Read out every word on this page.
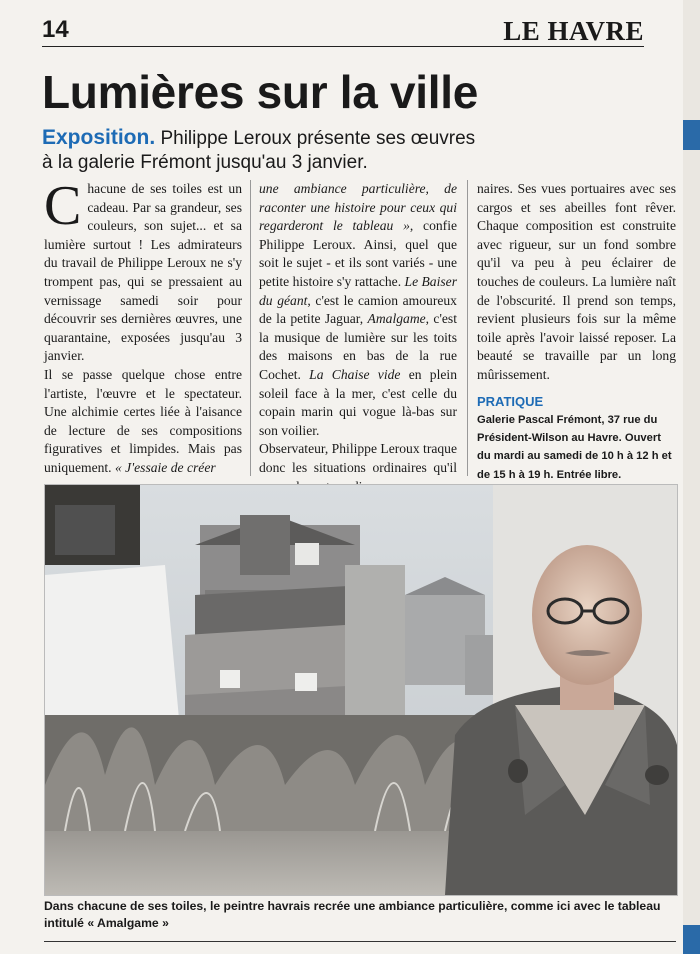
14	LE HAVRE
Lumières sur la ville

Exposition. Philippe Leroux présente ses œuvres
à la galerie Frémont jusqu'au 3 janvier.

Chacune de ses toiles est un cadeau. Par sa grandeur, ses couleurs, son sujet... et sa lumière surtout ! Les admirateurs du travail de Philippe Leroux ne s'y trompent pas, qui se pressaient au vernissage samedi soir pour découvrir ses dernières œuvres, une quarantaine, exposées jusqu'au 3 janvier.

Il se passe quelque chose entre l'artiste, l'œuvre et le spectateur. Une alchimie certes liée à l'aisance de lecture de ses compositions figuratives et limpides. Mais pas uniquement. « J'essaie de créer

une ambiance particulière, de raconter une histoire pour ceux qui regarderont le tableau », confie Philippe Leroux. Ainsi, quel que soit le sujet - et ils sont variés - une petite histoire s'y rattache. Le Baiser du géant, c'est le camion amoureux de la petite Jaguar, Amalgame, c'est la musique de lumière sur les toits des maisons en bas de la rue Cochet. La Chaise vide en plein soleil face à la mer, c'est celle du copain marin qui vogue là-bas sur son voilier.

Observateur, Philippe Leroux traque donc les situations ordinaires qu'il

naires. Ses vues portuaires avec ses cargos et ses abeilles font rêver. Chaque composition est construite avec rigueur, sur un fond sombre qu'il va peu à peu éclairer de touches de couleurs. La lumière naît de l'obscurité. Il prend son temps, revient plusieurs fois sur la même toile après l'avoir laissé reposer. La beauté se travaille par un long mûrissement.

PRATIQUE

Galerie Pascal Frémont, 37 rue du Président-Wilson au Havre. Ouvert du mardi au samedi de 10 h à 12 h et de 15 h à 19 h. Entrée libre.

Dans chacune de ses toiles, le peintre havrais recrée une ambiance particulière, comme ici avec le tableau intitulé « Amalgame »
